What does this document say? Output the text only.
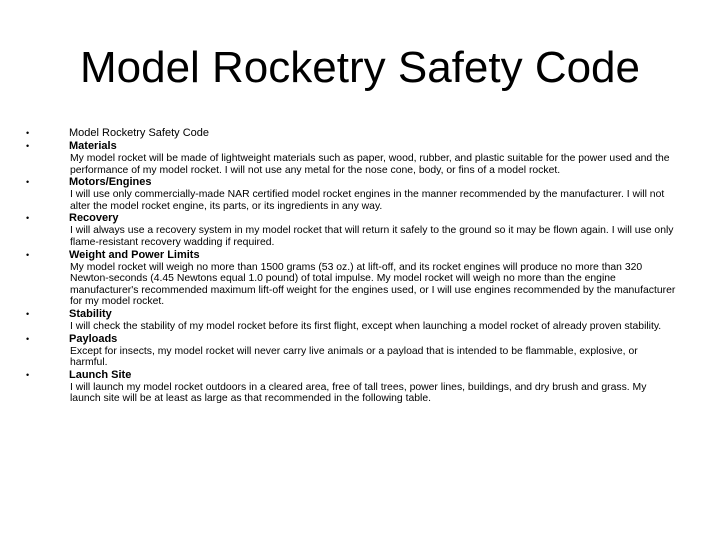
Model Rocketry Safety Code
•	Model Rocketry Safety Code
•	Materials
My model rocket will be made of lightweight materials such as paper, wood, rubber, and plastic suitable for the power used and the performance of my model rocket. I will not use any metal for the nose cone, body, or fins of a model rocket.
•	Motors/Engines
I will use only commercially-made NAR certified model rocket engines in the manner recommended by the manufacturer. I will not alter the model rocket engine, its parts, or its ingredients in any way.
•	Recovery
I will always use a recovery system in my model rocket that will return it safely to the ground so it may be flown again. I will use only flame-resistant recovery wadding if required.
•	Weight and Power Limits
My model rocket will weigh no more than 1500 grams (53 oz.) at lift-off, and its rocket engines will produce no more than 320 Newton-seconds (4.45 Newtons equal 1.0 pound) of total impulse. My model rocket will weigh no more than the engine manufacturer's recommended maximum lift-off weight for the engines used, or I will use engines recommended by the manufacturer for my model rocket.
•	Stability
I will check the stability of my model rocket before its first flight, except when launching a model rocket of already proven stability.
•	Payloads
Except for insects, my model rocket will never carry live animals or a payload that is intended to be flammable, explosive, or harmful.
•	Launch Site
I will launch my model rocket outdoors in a cleared area, free of tall trees, power lines, buildings, and dry brush and grass. My launch site will be at least as large as that recommended in the following table.
